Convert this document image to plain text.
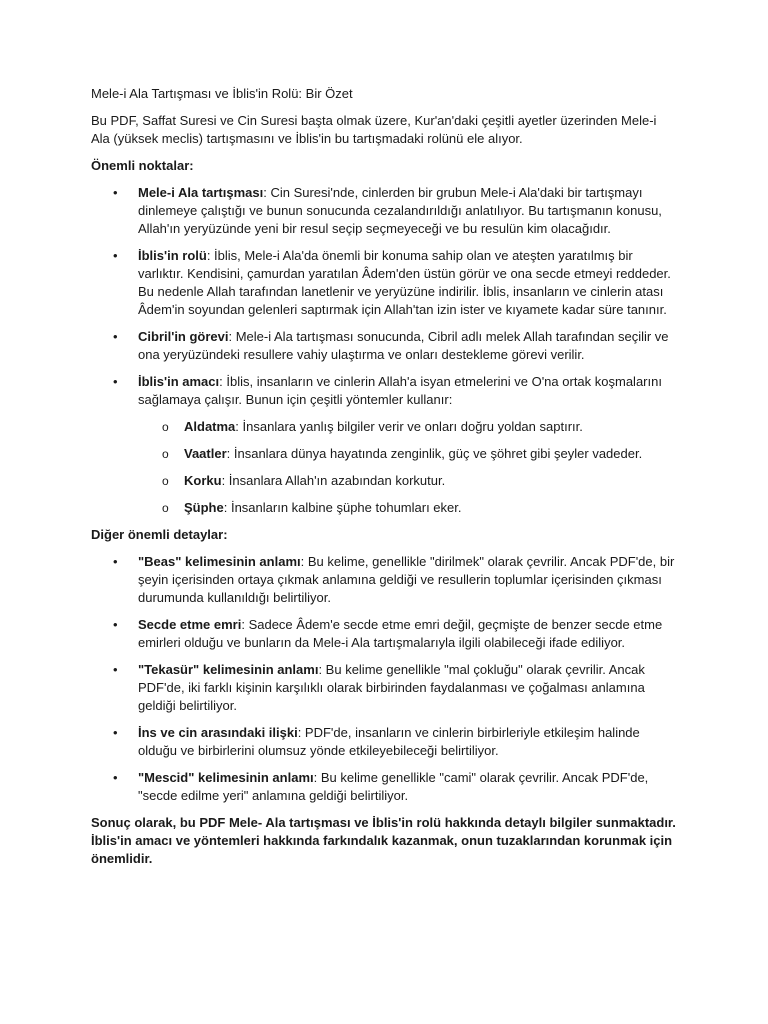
Mele-i Ala Tartışması ve İblis'in Rolü: Bir Özet

Bu PDF, Saffat Suresi ve Cin Suresi başta olmak üzere, Kur'an'daki çeşitli ayetler üzerinden Mele-i Ala (yüksek meclis) tartışmasını ve İblis'in bu tartışmadaki rolünü ele alıyor.

Önemli noktalar:

• Mele-i Ala tartışması: Cin Suresi'nde, cinlerden bir grubun Mele-i Ala'daki bir tartışmayı dinlemeye çalıştığı ve bunun sonucunda cezalandırıldığı anlatılıyor. Bu tartışmanın konusu, Allah'ın yeryüzünde yeni bir resul seçip seçmeyeceği ve bu resulün kim olacağıdır.
• İblis'in rolü: İblis, Mele-i Ala'da önemli bir konuma sahip olan ve ateşten yaratılmış bir varlıktır. Kendisini, çamurdan yaratılan Âdem'den üstün görür ve ona secde etmeyi reddeder. Bu nedenle Allah tarafından lanetlenir ve yeryüzüne indirilir. İblis, insanların ve cinlerin atası Âdem'in soyundan gelenleri saptırmak için Allah'tan izin ister ve kıyamete kadar süre tanınır.
• Cibril'in görevi: Mele-i Ala tartışması sonucunda, Cibril adlı melek Allah tarafından seçilir ve ona yeryüzündeki resullere vahiy ulaştırma ve onları destekleme görevi verilir.
• İblis'in amacı: İblis, insanların ve cinlerin Allah'a isyan etmelerini ve O'na ortak koşmalarını sağlamaya çalışır. Bunun için çeşitli yöntemler kullanır:
o Aldatma: İnsanlara yanlış bilgiler verir ve onları doğru yoldan saptırır.
o Vaatler: İnsanlara dünya hayatında zenginlik, güç ve şöhret gibi şeyler vadeder.
o Korku: İnsanlara Allah'ın azabından korkutur.
o Şüphe: İnsanların kalbine şüphe tohumları eker.

Diğer önemli detaylar:

• "Beas" kelimesinin anlamı: Bu kelime, genellikle "dirilmek" olarak çevrilir. Ancak PDF'de, bir şeyin içerisinden ortaya çıkmak anlamına geldiği ve resullerin toplumlar içerisinden çıkması durumunda kullanıldığı belirtiliyor.
• Secde etme emri: Sadece Âdem'e secde etme emri değil, geçmişte de benzer secde etme emirleri olduğu ve bunların da Mele-i Ala tartışmalarıyla ilgili olabileceği ifade ediliyor.
• "Tekasür" kelimesinin anlamı: Bu kelime genellikle "mal çokluğu" olarak çevrilir. Ancak PDF'de, iki farklı kişinin karşılıklı olarak birbirinden faydalanması ve çoğalması anlamına geldiği belirtiliyor.
• İns ve cin arasındaki ilişki: PDF'de, insanların ve cinlerin birbirleriyle etkileşim halinde olduğu ve birbirlerini olumsuz yönde etkileyebileceği belirtiliyor.
• "Mescid" kelimesinin anlamı: Bu kelime genellikle "cami" olarak çevrilir. Ancak PDF'de, "secde edilme yeri" anlamına geldiği belirtiliyor.

Sonuç olarak, bu PDF Mele- Ala tartışması ve İblis'in rolü hakkında detaylı bilgiler sunmaktadır. İblis'in amacı ve yöntemleri hakkında farkındalık kazanmak, onun tuzaklarından korunmak için önemlidir.
